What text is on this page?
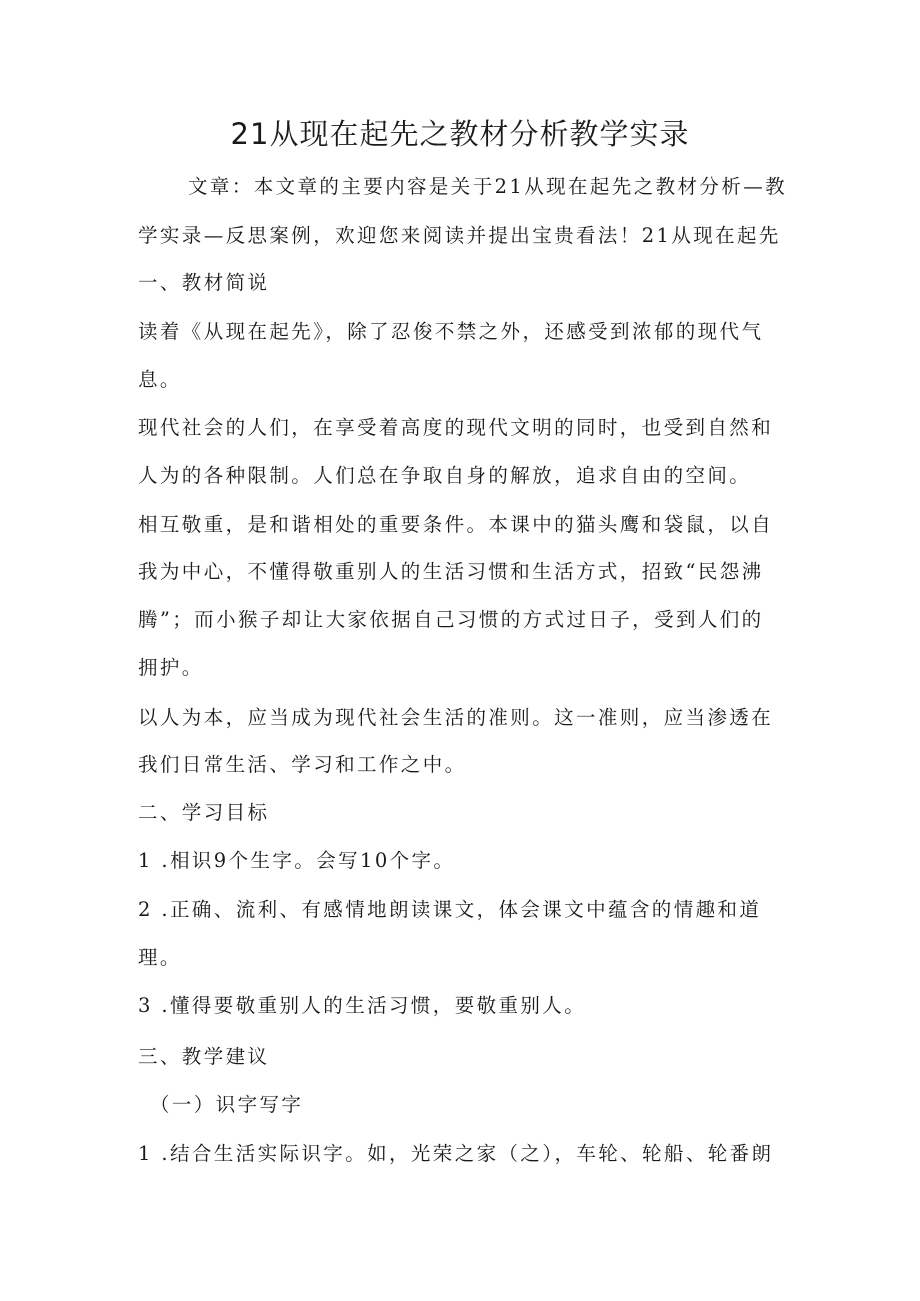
21从现在起先之教材分析教学实录
文章：本文章的主要内容是关于21从现在起先之教材分析—教
学实录—反思案例，欢迎您来阅读并提出宝贵看法！21从现在起先
一、教材简说
读着《从现在起先》，除了忍俊不禁之外，还感受到浓郁的现代气
息。
现代社会的人们，在享受着高度的现代文明的同时，也受到自然和
人为的各种限制。人们总在争取自身的解放，追求自由的空间。
相互敬重，是和谐相处的重要条件。本课中的猫头鹰和袋鼠，以自
我为中心，不懂得敬重别人的生活习惯和生活方式，招致“民怨沸
腾”；而小猴子却让大家依据自己习惯的方式过日子，受到人们的
拥护。
以人为本，应当成为现代社会生活的准则。这一准则，应当渗透在
我们日常生活、学习和工作之中。
二、学习目标
1 .相识9个生字。会写10个字。
2 .正确、流利、有感情地朗读课文，体会课文中蕴含的情趣和道
理。
3 .懂得要敬重别人的生活习惯，要敬重别人。
三、教学建议
（一）识字写字
1 .结合生活实际识字。如，光荣之家（之），车轮、轮船、轮番朗
